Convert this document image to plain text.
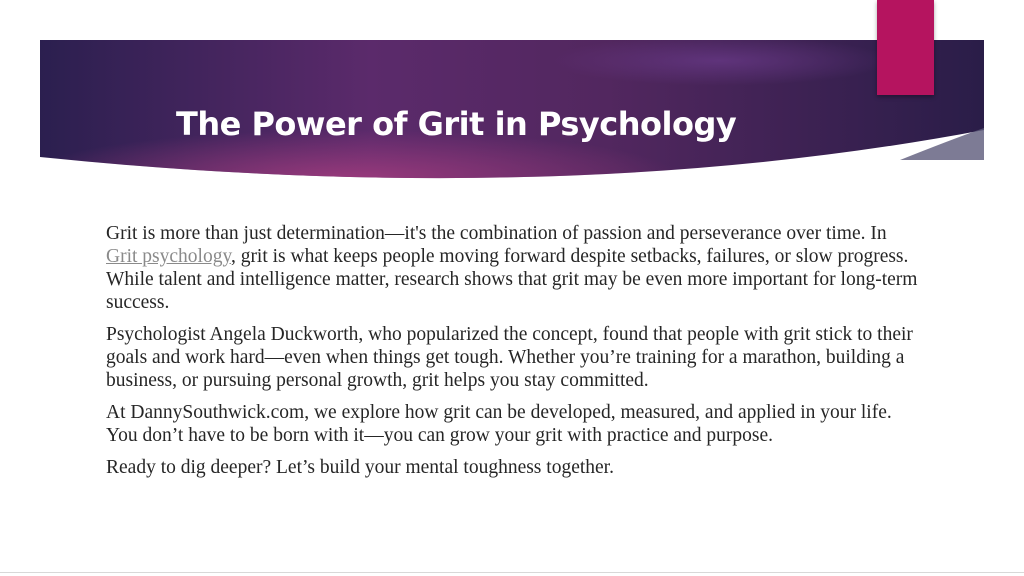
The Power of Grit in Psychology

Grit is more than just determination—it's the combination of passion and perseverance over time. In Grit psychology, grit is what keeps people moving forward despite setbacks, failures, or slow progress. While talent and intelligence matter, research shows that grit may be even more important for long-term success.

Psychologist Angela Duckworth, who popularized the concept, found that people with grit stick to their goals and work hard—even when things get tough. Whether you’re training for a marathon, building a business, or pursuing personal growth, grit helps you stay committed.

At DannySouthwick.com, we explore how grit can be developed, measured, and applied in your life. You don’t have to be born with it—you can grow your grit with practice and purpose.

Ready to dig deeper? Let’s build your mental toughness together.
